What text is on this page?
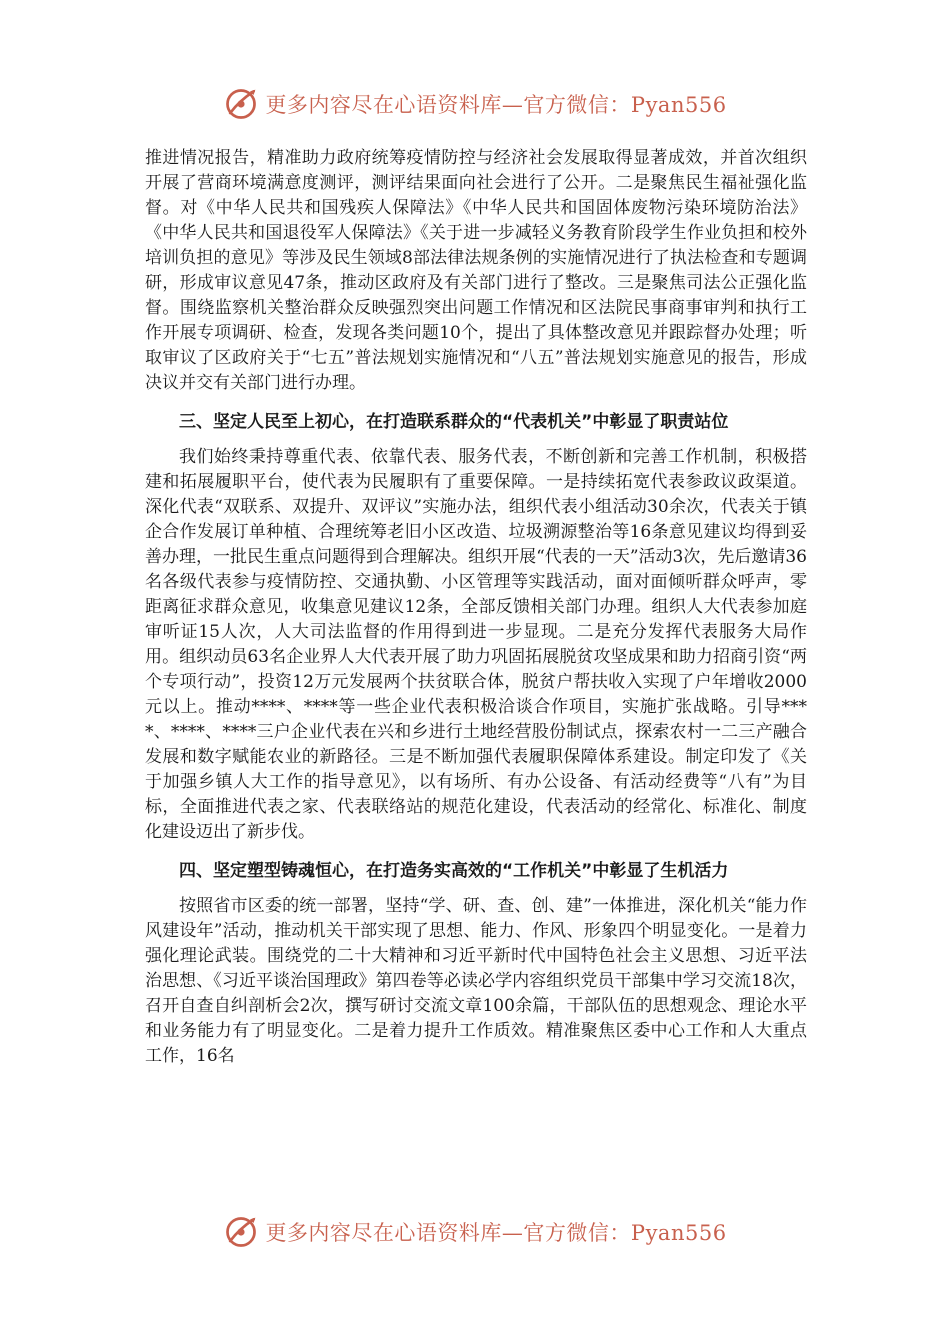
更多内容尽在心语资料库—官方微信：Pyan556

推进情况报告，精准助力政府统筹疫情防控与经济社会发展取得显著成效，并首次组织开展了营商环境满意度测评，测评结果面向社会进行了公开。二是聚焦民生福祉强化监督。对《中华人民共和国残疾人保障法》《中华人民共和国固体废物污染环境防治法》《中华人民共和国退役军人保障法》《关于进一步减轻义务教育阶段学生作业负担和校外培训负担的意见》等涉及民生领域8部法律法规条例的实施情况进行了执法检查和专题调研，形成审议意见47条，推动区政府及有关部门进行了整改。三是聚焦司法公正强化监督。围绕监察机关整治群众反映强烈突出问题工作情况和区法院民事商事审判和执行工作开展专项调研、检查，发现各类问题10个，提出了具体整改意见并跟踪督办处理；听取审议了区政府关于“七五”普法规划实施情况和“八五”普法规划实施意见的报告，形成决议并交有关部门进行办理。

三、坚定人民至上初心，在打造联系群众的“代表机关”中彰显了职责站位

我们始终秉持尊重代表、依靠代表、服务代表，不断创新和完善工作机制，积极搭建和拓展履职平台，使代表为民履职有了重要保障。一是持续拓宽代表参政议政渠道。深化代表“双联系、双提升、双评议”实施办法，组织代表小组活动30余次，代表关于镇企合作发展订单种植、合理统筹老旧小区改造、垃圾溯源整治等16条意见建议均得到妥善办理，一批民生重点问题得到合理解决。组织开展“代表的一天”活动3次，先后邀请36名各级代表参与疫情防控、交通执勤、小区管理等实践活动，面对面倾听群众呼声，零距离征求群众意见，收集意见建议12条，全部反馈相关部门办理。组织人大代表参加庭审听证15人次，人大司法监督的作用得到进一步显现。二是充分发挥代表服务大局作用。组织动员63名企业界人大代表开展了助力巩固拓展脱贫攻坚成果和助力招商引资“两个专项行动”，投资12万元发展两个扶贫联合体，脱贫户帮扶收入实现了户年增收2000元以上。推动****、****等一些企业代表积极洽谈合作项目，实施扩张战略。引导****、****、****三户企业代表在兴和乡进行土地经营股份制试点，探索农村一二三产融合发展和数字赋能农业的新路径。三是不断加强代表履职保障体系建设。制定印发了《关于加强乡镇人大工作的指导意见》，以有场所、有办公设备、有活动经费等“八有”为目标，全面推进代表之家、代表联络站的规范化建设，代表活动的经常化、标准化、制度化建设迈出了新步伐。

四、坚定塑型铸魂恒心，在打造务实高效的“工作机关”中彰显了生机活力

按照省市区委的统一部署，坚持“学、研、查、创、建”一体推进，深化机关“能力作风建设年”活动，推动机关干部实现了思想、能力、作风、形象四个明显变化。一是着力强化理论武装。围绕党的二十大精神和习近平新时代中国特色社会主义思想、习近平法治思想、《习近平谈治国理政》第四卷等必读必学内容组织党员干部集中学习交流18次，召开自查自纠剖析会2次，撰写研讨交流文章100余篇，干部队伍的思想观念、理论水平和业务能力有了明显变化。二是着力提升工作质效。精准聚焦区委中心工作和人大重点工作，16名

更多内容尽在心语资料库—官方微信：Pyan556
